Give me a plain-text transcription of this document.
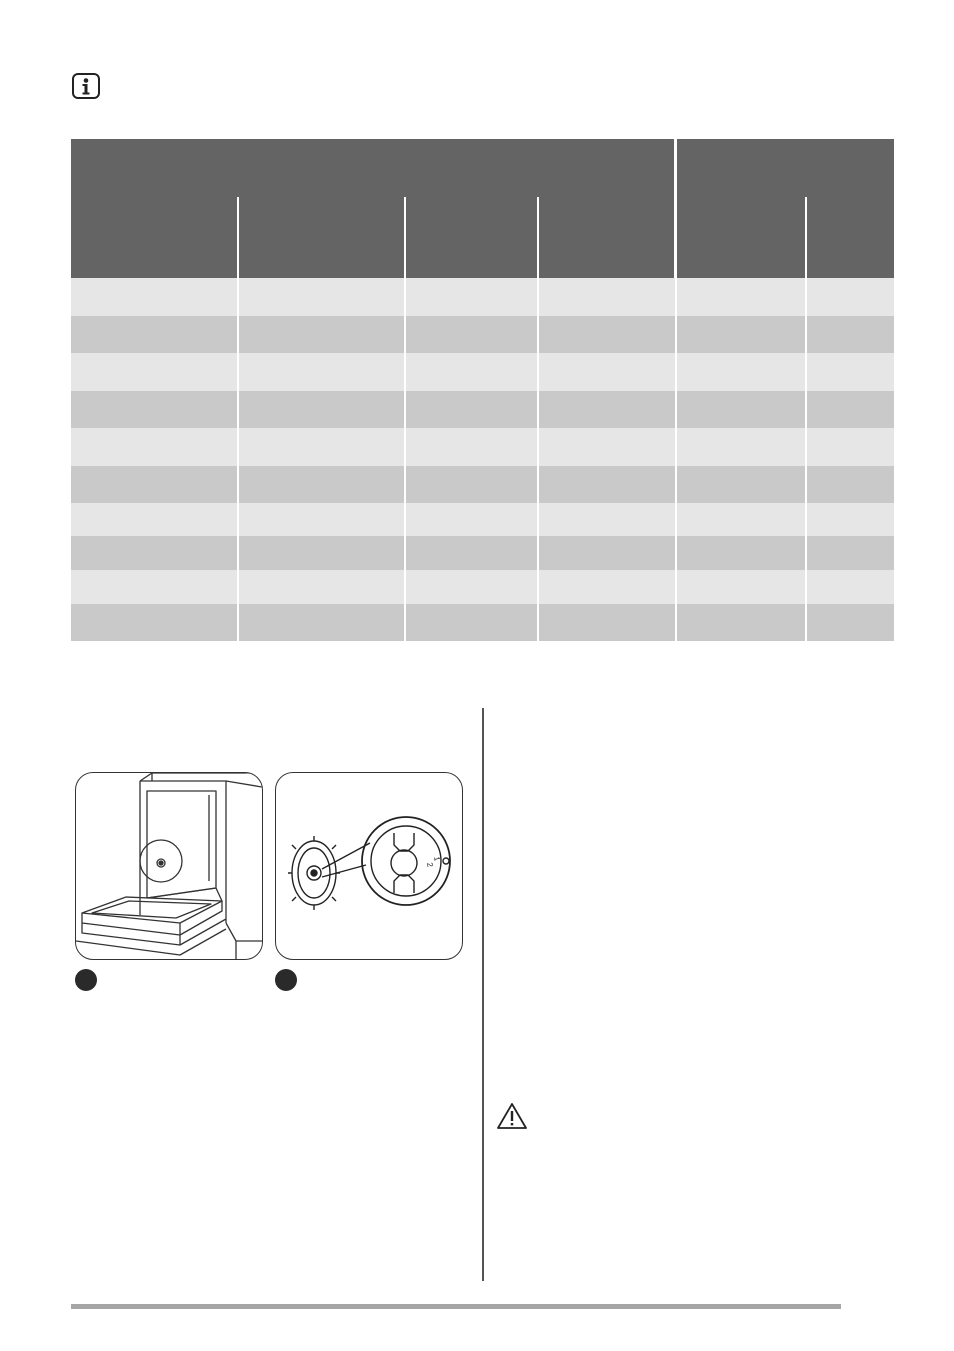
2
1
